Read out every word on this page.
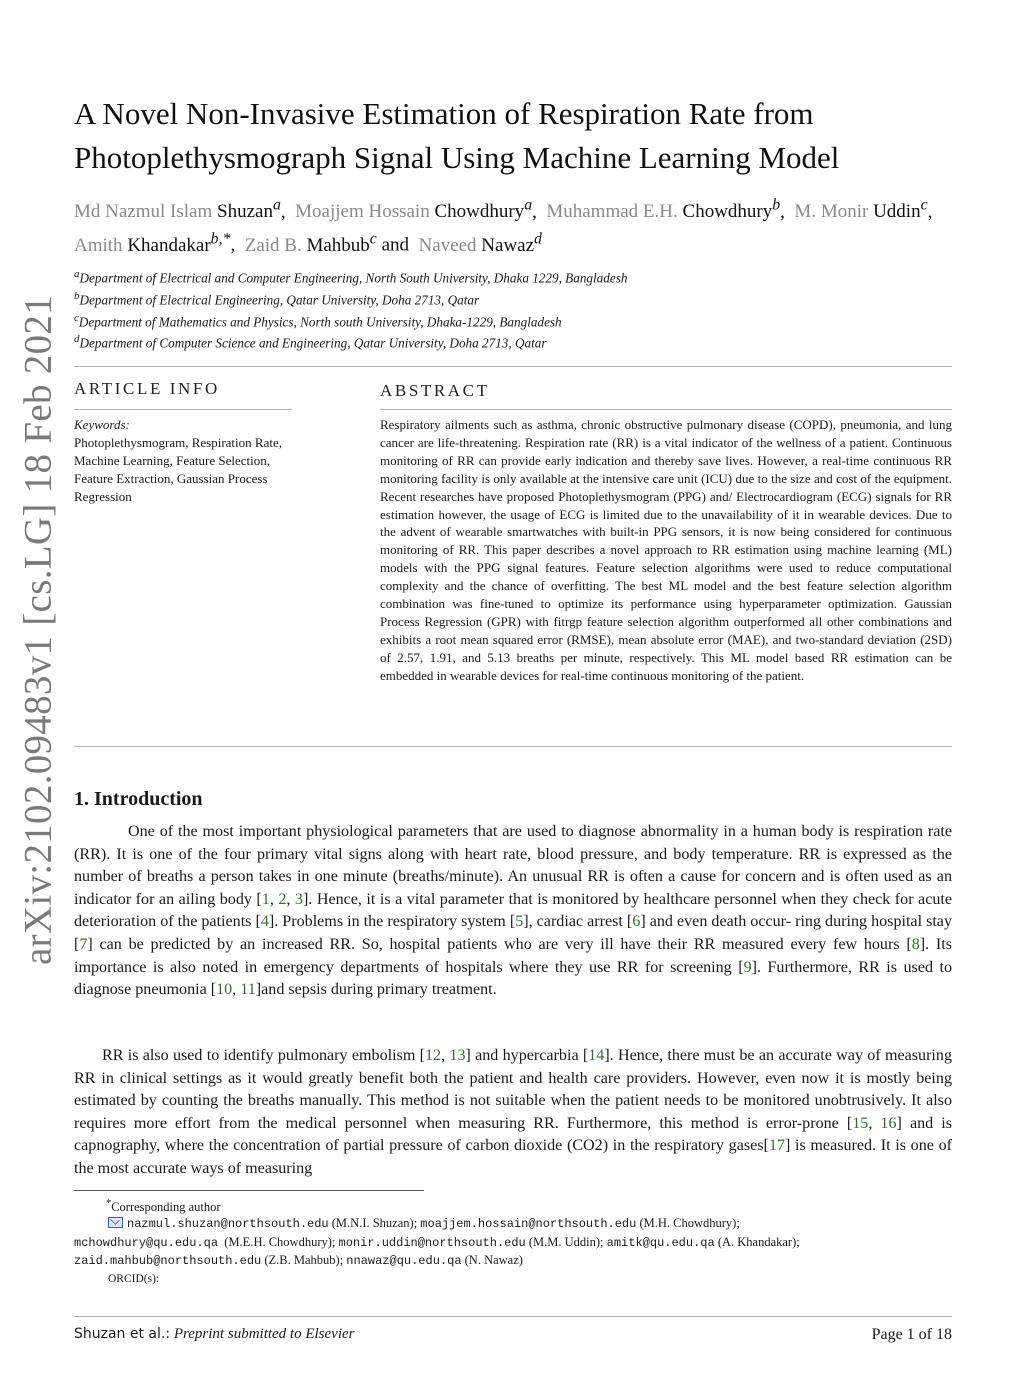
arXiv:2102.09483v1 [cs.LG] 18 Feb 2021
A Novel Non-Invasive Estimation of Respiration Rate from
Photoplethysmograph Signal Using Machine Learning Model
Md Nazmul Islam Shuzan$^a$,  Moajjem Hossain Chowdhury$^a$,  Muhammad E.H. Chowdhury$^b$,  M. Monir Uddin$^c$,  Amith Khandakar$^{b,*}$,  Zaid B. Mahbub$^c$ and Naveed Nawaz$^d$
$^a$Department of Electrical and Computer Engineering, North South University, Dhaka 1229, Bangladesh
$^b$Department of Electrical Engineering, Qatar University, Doha 2713, Qatar
$^c$Department of Mathematics and Physics, North south University, Dhaka-1229, Bangladesh
$^d$Department of Computer Science and Engineering, Qatar University, Doha 2713, Qatar
ARTICLE INFO	ABSTRACT
Keywords:
Photoplethysmogram, Respiration Rate,
Machine Learning, Feature Selection,
Feature Extraction, Gaussian Process
Regression
Respiratory ailments such as asthma, chronic obstructive pulmonary disease (COPD), pneumonia, and lung cancer are life-threatening. Respiration rate (RR) is a vital indicator of the wellness of a patient. Continuous monitoring of RR can provide early indication and thereby save lives. However, a real-time continuous RR monitoring facility is only available at the intensive care unit (ICU) due to the size and cost of the equipment. Recent researches have proposed Photoplethysmogram (PPG) and/ Electrocardiogram (ECG) signals for RR estimation however, the usage of ECG is limited due to the unavailability of it in wearable devices. Due to the advent of wearable smartwatches with built-in PPG sensors, it is now being considered for continuous monitoring of RR. This paper describes a novel approach to RR estimation using machine learning (ML) models with the PPG signal features. Feature selection algorithms were used to reduce computational complexity and the chance of overfitting. The best ML model and the best feature selection algorithm combination was fine-tuned to optimize its performance using hyperparameter optimization. Gaussian Process Regression (GPR) with fitrgp feature selection algorithm outperformed all other combinations and exhibits a root mean squared error (RMSE), mean absolute error (MAE), and two-standard deviation (2SD) of 2.57, 1.91, and 5.13 breaths per minute, respectively. This ML model based RR estimation can be embedded in wearable devices for real-time continuous monitoring of the patient.
1. Introduction

One of the most important physiological parameters that are used to diagnose abnormality in a human body is respiration rate (RR). It is one of the four primary vital signs along with heart rate, blood pressure, and body temperature. RR is expressed as the number of breaths a person takes in one minute (breaths/minute). An unusual RR is often a cause for concern and is often used as an indicator for an ailing body [1, 2, 3]. Hence, it is a vital parameter that is monitored by healthcare personnel when they check for acute deterioration of the patients [4]. Problems in the respiratory system [5], cardiac arrest [6] and even death occur- ring during hospital stay [7] can be predicted by an increased RR. So, hospital patients who are very ill have their RR measured every few hours [8]. Its importance is also noted in emergency departments of hospitals where they use RR for screening [9]. Furthermore, RR is used to diagnose pneumonia [10, 11]and sepsis during primary treatment.

RR is also used to identify pulmonary embolism [12, 13] and hypercarbia [14]. Hence, there must be an accurate way of measuring RR in clinical settings as it would greatly benefit both the patient and health care providers. However, even now it is mostly being estimated by counting the breaths manually. This method is not suitable when the patient needs to be monitored unobtrusively. It also requires more effort from the medical personnel when measuring RR. Furthermore, this method is error-prone [15, 16] and is capnography, where the concentration of partial pressure of carbon dioxide (CO2) in the respiratory gases[17] is measured. It is one of the most accurate ways of measuring

*Corresponding author
nazmul.shuzan@northsouth.edu (M.N.I. Shuzan); moajjem.hossain@northsouth.edu (M.H. Chowdhury);
mchowdhury@qu.edu.qa (M.E.H. Chowdhury); monir.uddin@northsouth.edu (M.M. Uddin); amitk@qu.edu.qa (A. Khandakar);
zaid.mahbub@northsouth.edu (Z.B. Mahbub); nnawaz@qu.edu.qa (N. Nawaz)
ORCID(s):
Shuzan et al.: Preprint submitted to Elsevier	Page 1 of 18
